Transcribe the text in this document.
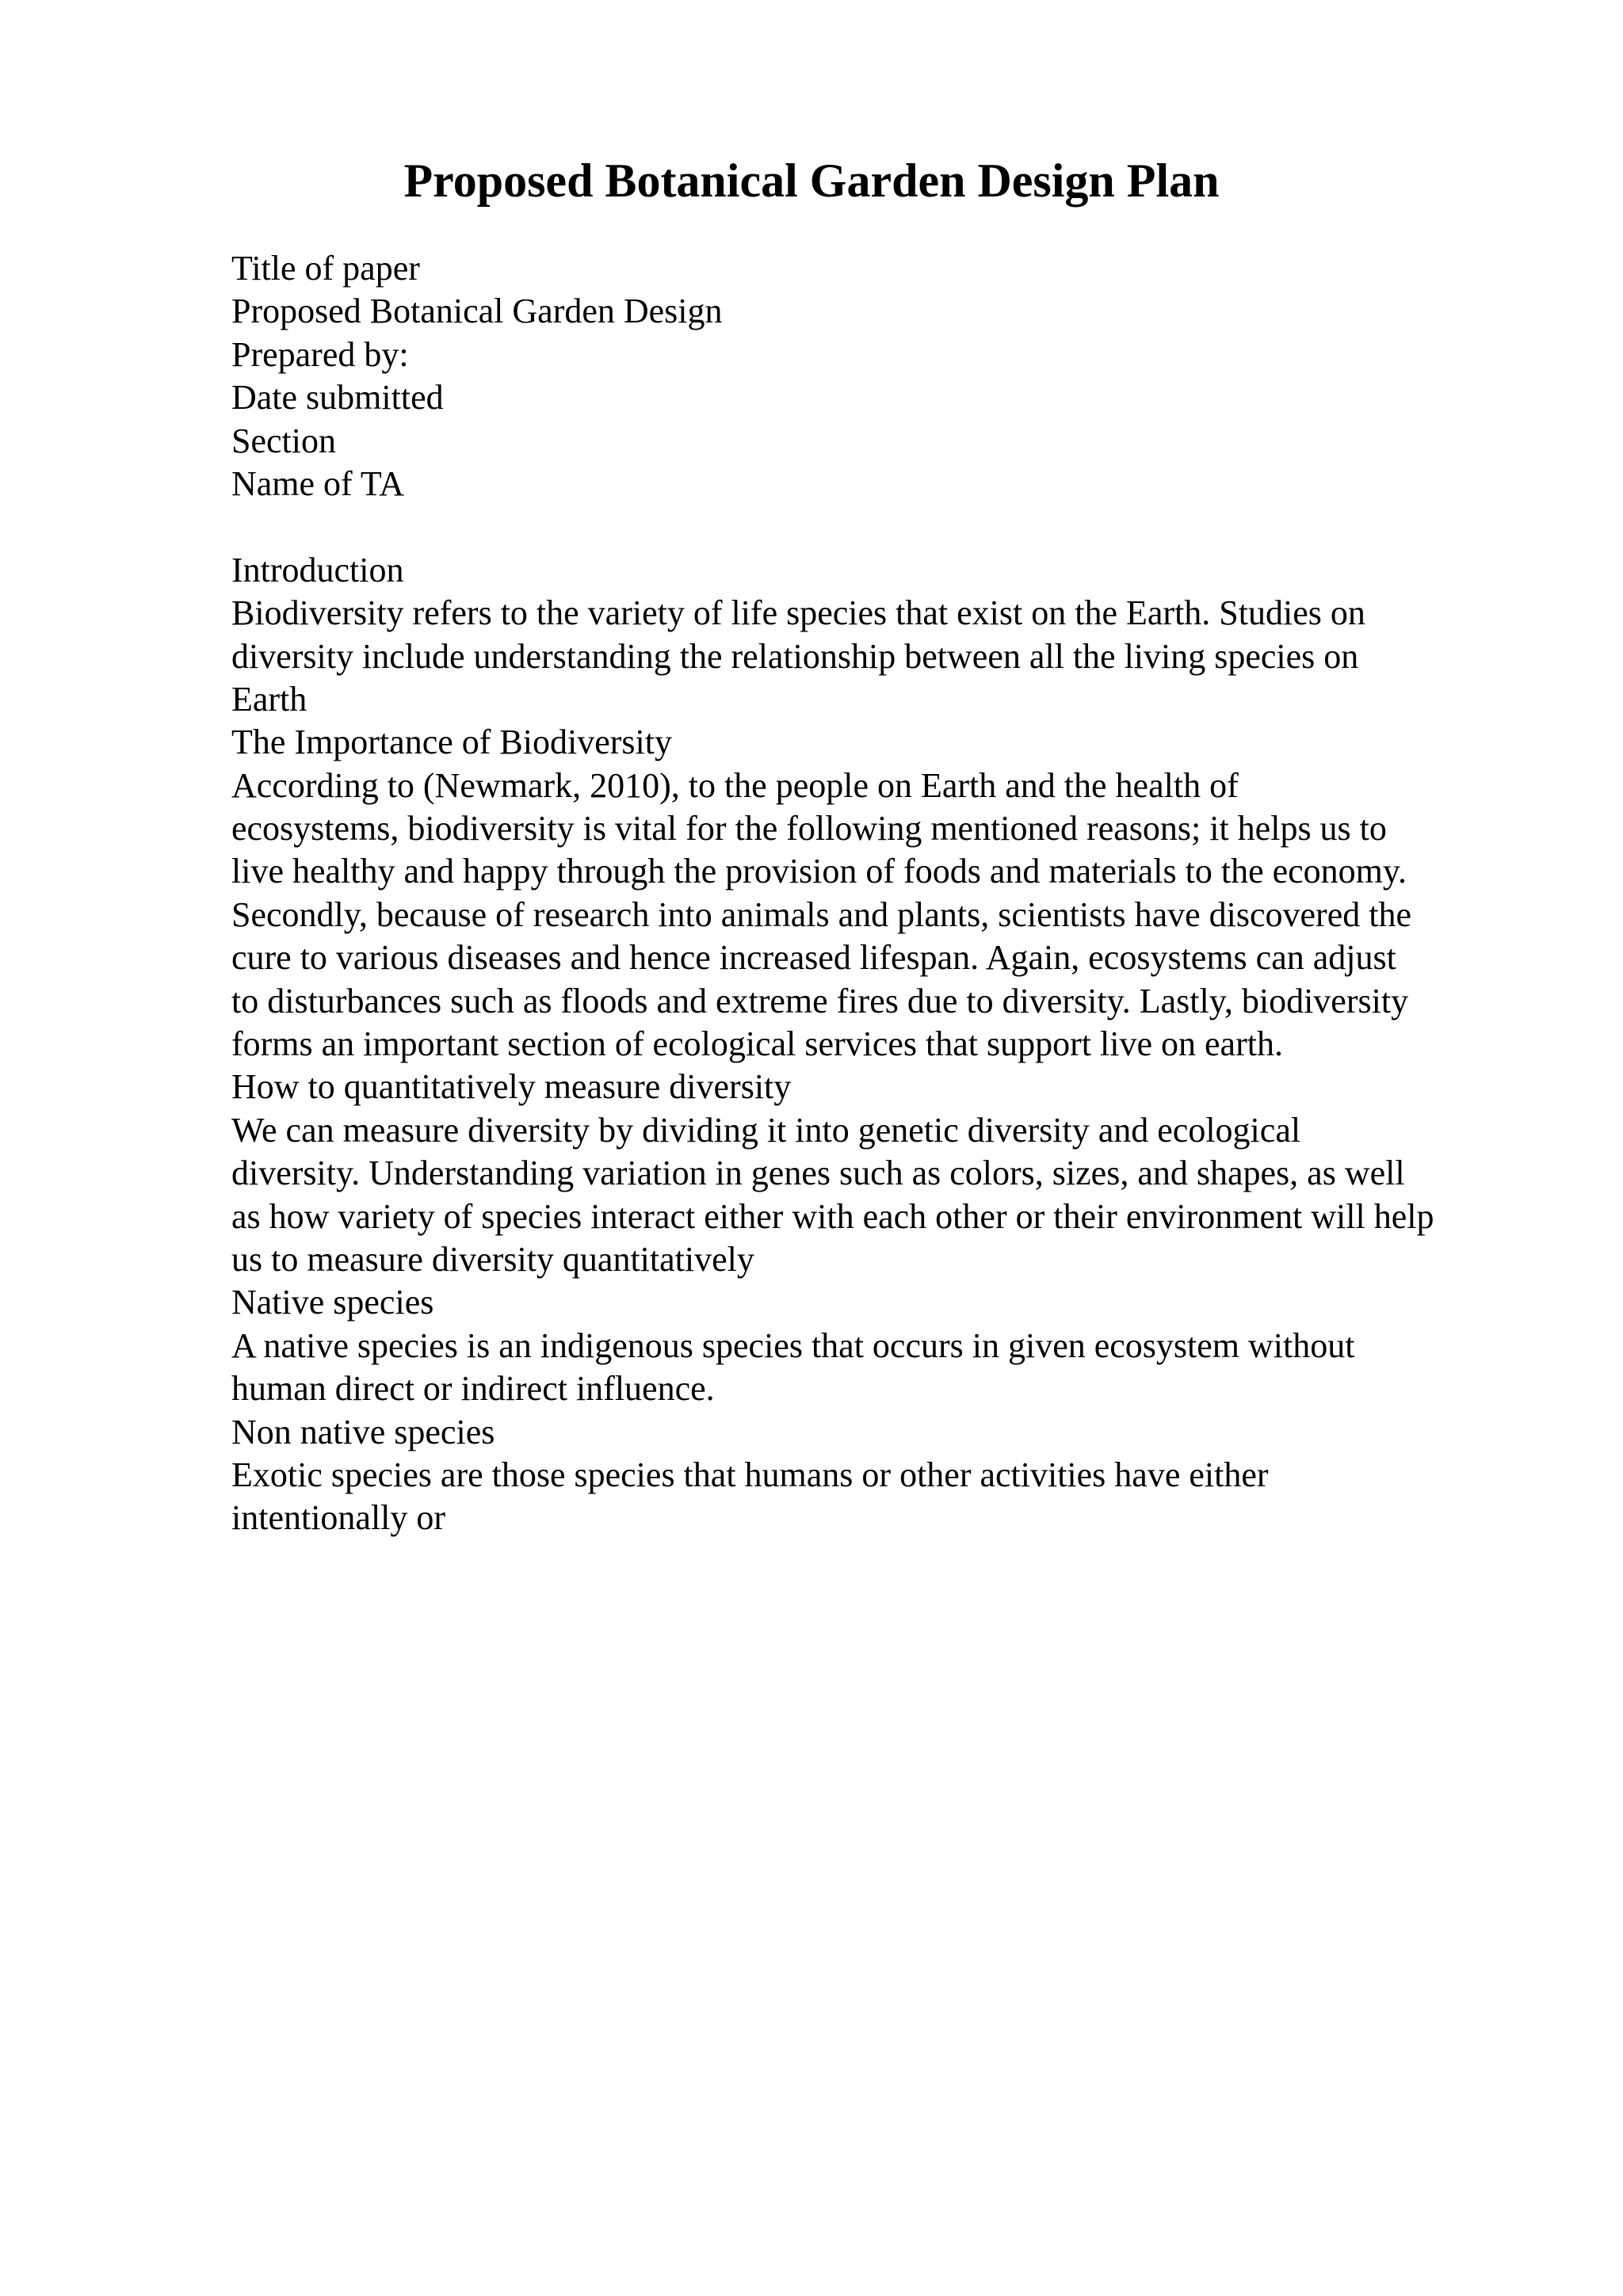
Proposed Botanical Garden Design Plan
Title of paper
Proposed Botanical Garden Design
Prepared by:
Date submitted
Section
Name of TA
Introduction
Biodiversity refers to the variety of life species that exist on the Earth. Studies on
diversity include understanding the relationship between all the living species on
Earth
The Importance of Biodiversity
According to (Newmark, 2010), to the people on Earth and the health of
ecosystems, biodiversity is vital for the following mentioned reasons; it helps us to
live healthy and happy through the provision of foods and materials to the economy.
Secondly, because of research into animals and plants, scientists have discovered the
cure to various diseases and hence increased lifespan. Again, ecosystems can adjust
to disturbances such as floods and extreme fires due to diversity. Lastly, biodiversity
forms an important section of ecological services that support live on earth.
How to quantitatively measure diversity
We can measure diversity by dividing it into genetic diversity and ecological
diversity. Understanding variation in genes such as colors, sizes, and shapes, as well
as how variety of species interact either with each other or their environment will help
us to measure diversity quantitatively
Native species
A native species is an indigenous species that occurs in given ecosystem without
human direct or indirect influence.
Non native species
Exotic species are those species that humans or other activities have either
intentionally or
